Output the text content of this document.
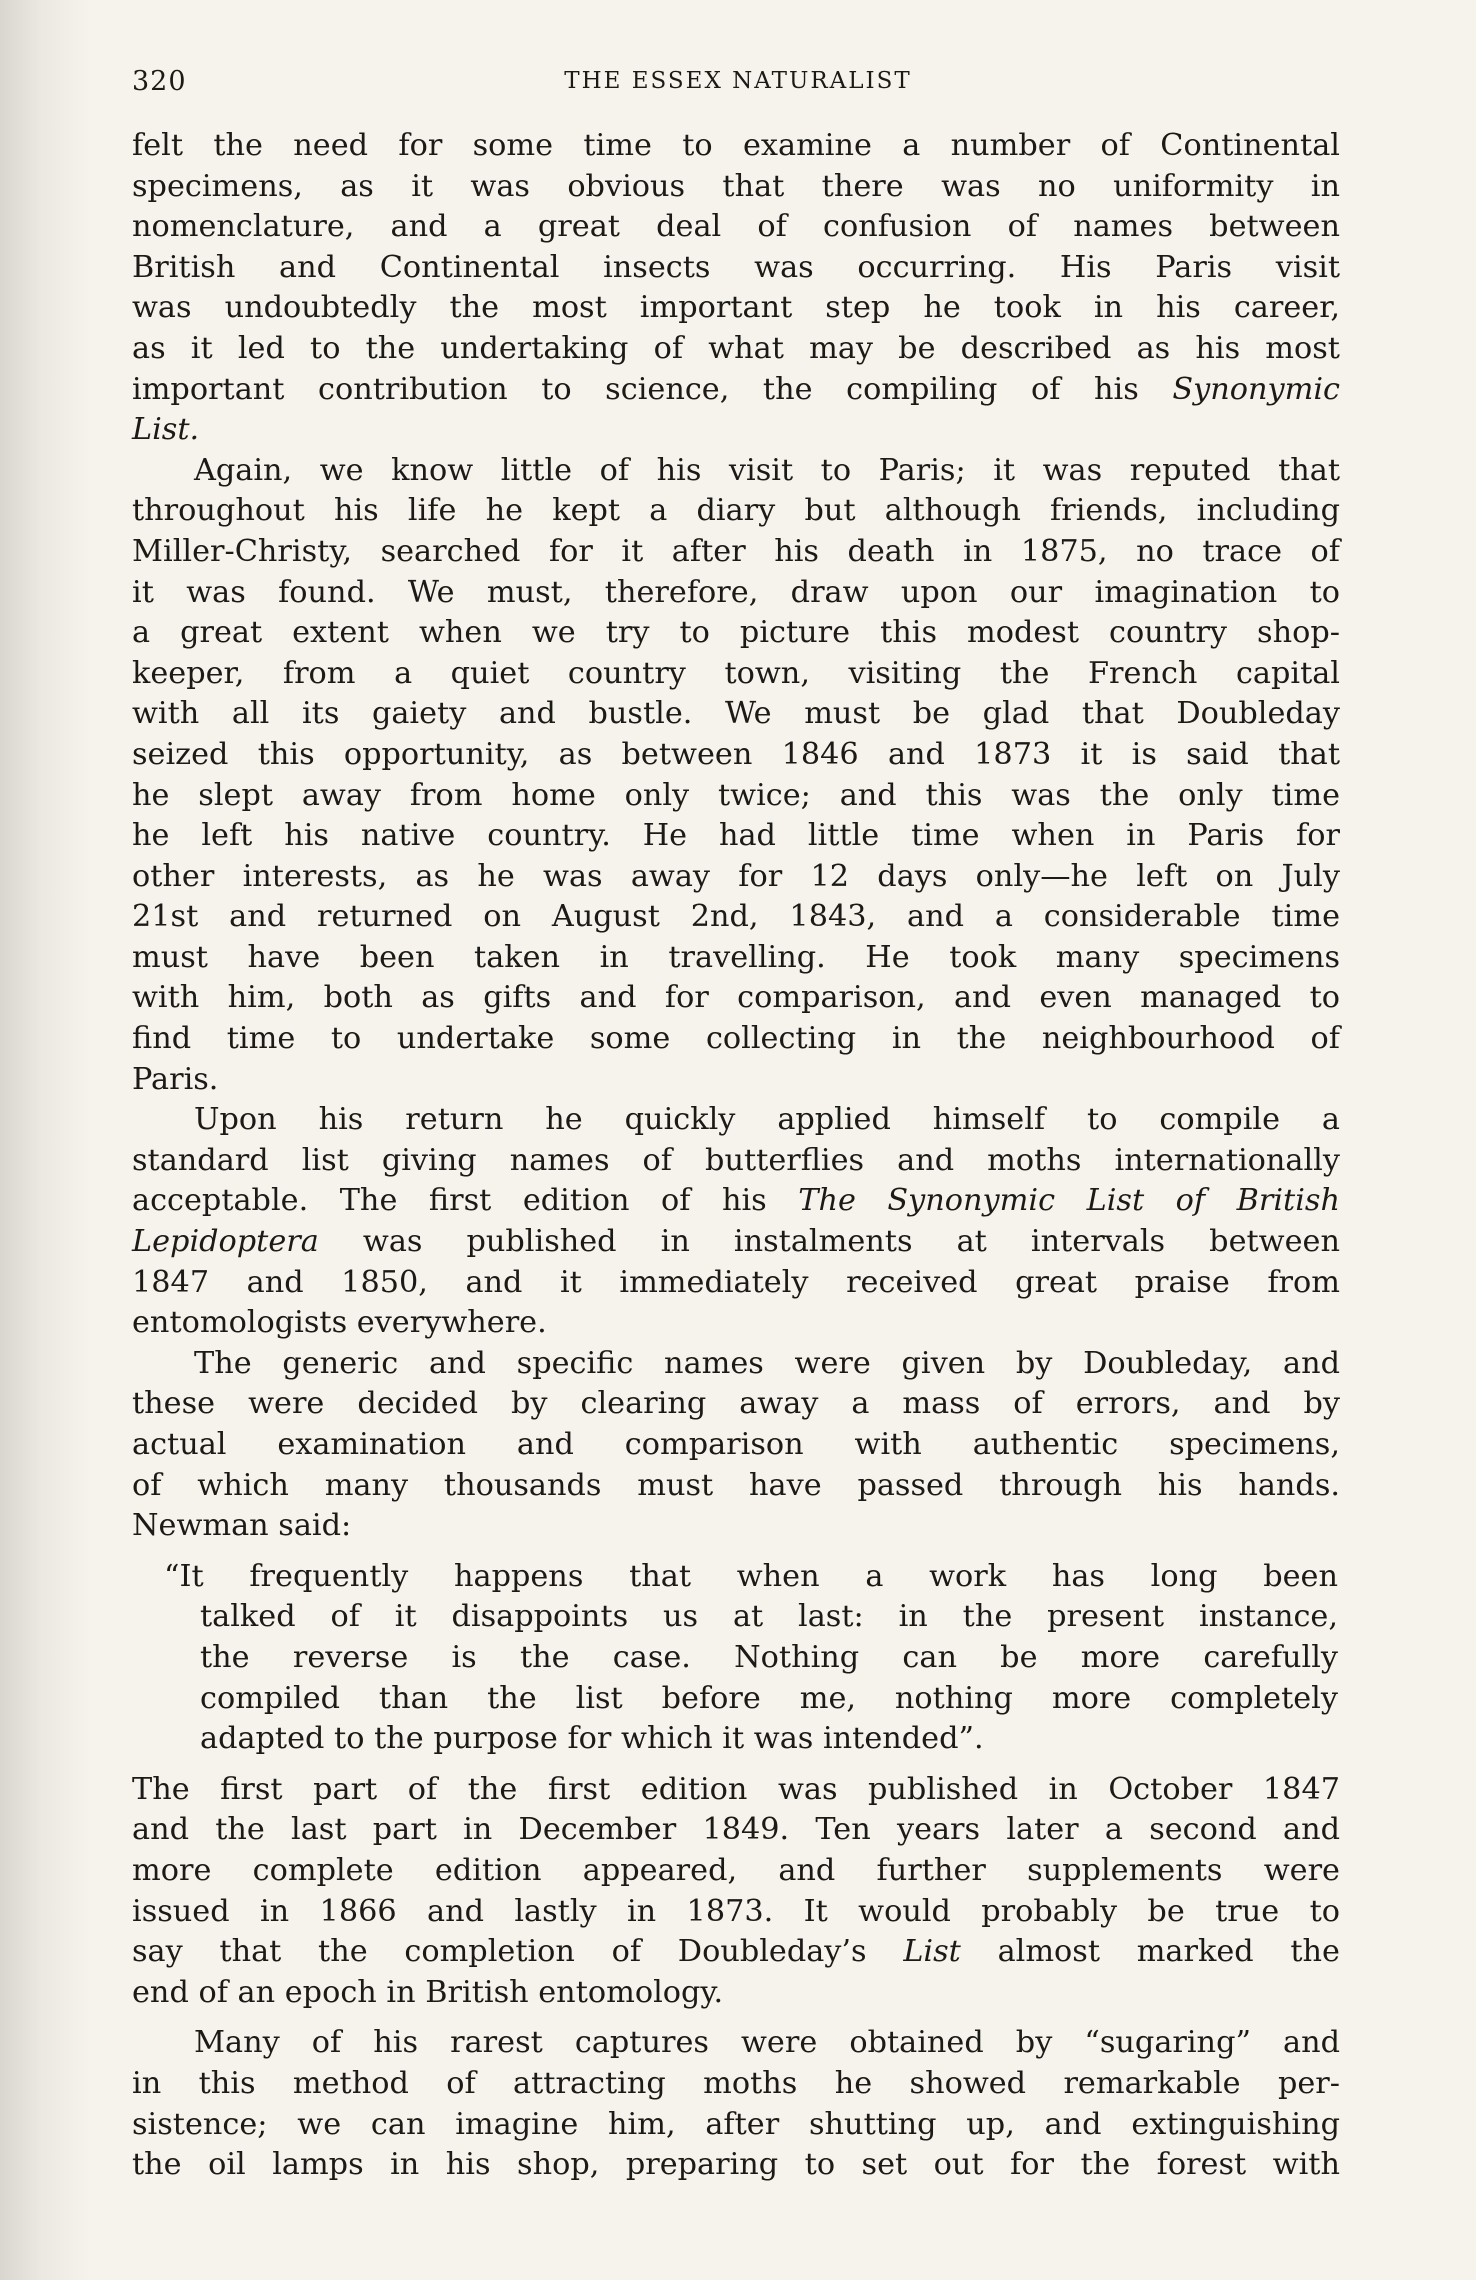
320	THE ESSEX NATURALIST
felt the need for some time to examine a number of Continental
specimens, as it was obvious that there was no uniformity in
nomenclature, and a great deal of confusion of names between
British and Continental insects was occurring. His Paris visit
was undoubtedly the most important step he took in his career,
as it led to the undertaking of what may be described as his most
important contribution to science, the compiling of his Synonymic
List.
Again, we know little of his visit to Paris; it was reputed that
throughout his life he kept a diary but although friends, including
Miller-Christy, searched for it after his death in 1875, no trace of
it was found. We must, therefore, draw upon our imagination to
a great extent when we try to picture this modest country shop-
keeper, from a quiet country town, visiting the French capital
with all its gaiety and bustle. We must be glad that Doubleday
seized this opportunity, as between 1846 and 1873 it is said that
he slept away from home only twice; and this was the only time
he left his native country. He had little time when in Paris for
other interests, as he was away for 12 days only—he left on July
21st and returned on August 2nd, 1843, and a considerable time
must have been taken in travelling. He took many specimens
with him, both as gifts and for comparison, and even managed to
find time to undertake some collecting in the neighbourhood of
Paris.
Upon his return he quickly applied himself to compile a
standard list giving names of butterflies and moths internationally
acceptable. The first edition of his The Synonymic List of British
Lepidoptera was published in instalments at intervals between
1847 and 1850, and it immediately received great praise from
entomologists everywhere.
The generic and specific names were given by Doubleday, and
these were decided by clearing away a mass of errors, and by
actual examination and comparison with authentic specimens,
of which many thousands must have passed through his hands.
Newman said:
“It frequently happens that when a work has long been
talked of it disappoints us at last: in the present instance,
the reverse is the case. Nothing can be more carefully
compiled than the list before me, nothing more completely
adapted to the purpose for which it was intended”.
The first part of the first edition was published in October 1847
and the last part in December 1849. Ten years later a second and
more complete edition appeared, and further supplements were
issued in 1866 and lastly in 1873. It would probably be true to
say that the completion of Doubleday’s List almost marked the
end of an epoch in British entomology.
Many of his rarest captures were obtained by “sugaring” and
in this method of attracting moths he showed remarkable per-
sistence; we can imagine him, after shutting up, and extinguishing
the oil lamps in his shop, preparing to set out for the forest with
